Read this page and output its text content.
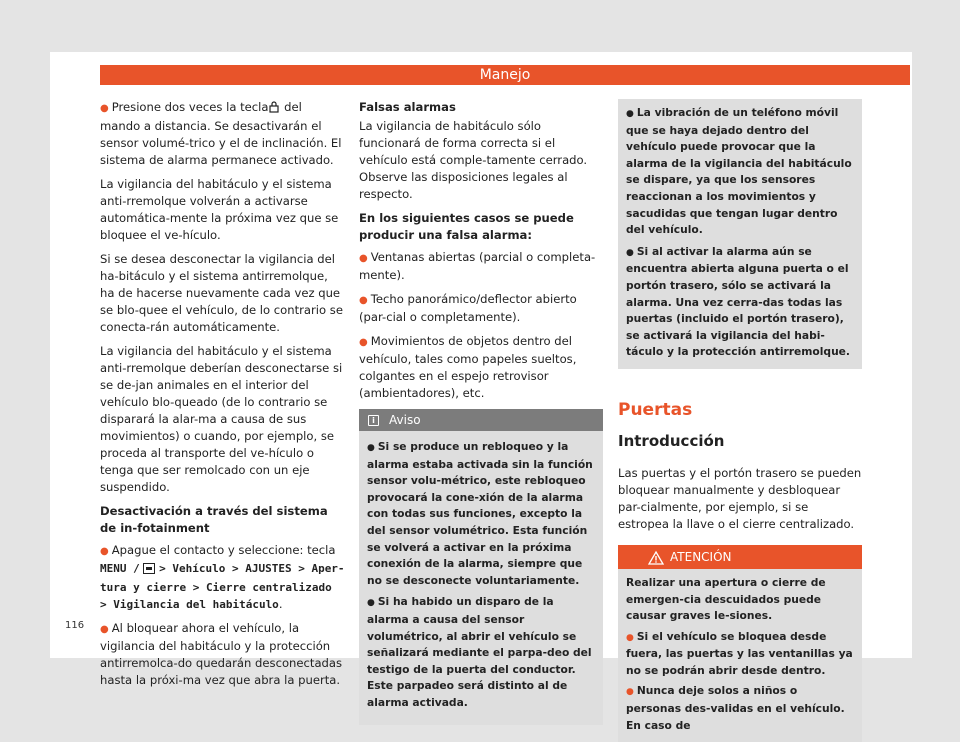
Manejo

● Presione dos veces la tecla del mando a distancia. Se desactivarán el sensor volumé-trico y el de inclinación. El sistema de alarma permanece activado.

La vigilancia del habitáculo y el sistema anti-rremolque volverán a activarse automática-mente la próxima vez que se bloquee el ve-hículo.

Si se desea desconectar la vigilancia del ha-bitáculo y el sistema antirremolque, ha de hacerse nuevamente cada vez que se blo-quee el vehículo, de lo contrario se conecta-rán automáticamente.

La vigilancia del habitáculo y el sistema anti-rremolque deberían desconectarse si se de-jan animales en el interior del vehículo blo-queado (de lo contrario se disparará la alar-ma a causa de sus movimientos) o cuando, por ejemplo, se proceda al transporte del ve-hículo o tenga que ser remolcado con un eje suspendido.

Desactivación a través del sistema de in-fotainment

● Apague el contacto y seleccione: tecla MENU / > Vehículo > AJUSTES > Aper-tura y cierre > Cierre centralizado > Vigilancia del habitáculo.

● Al bloquear ahora el vehículo, la vigilancia del habitáculo y la protección antirremolca-do quedarán desconectadas hasta la próxi-ma vez que abra la puerta.

Falsas alarmas

La vigilancia de habitáculo sólo funcionará de forma correcta si el vehículo está comple-tamente cerrado. Observe las disposiciones legales al respecto.

En los siguientes casos se puede producir una falsa alarma:

● Ventanas abiertas (parcial o completa-mente).

● Techo panorámico/deflector abierto (par-cial o completamente).

● Movimientos de objetos dentro del vehículo, tales como papeles sueltos, colgantes en el espejo retrovisor (ambientadores), etc.

i	Aviso

● Si se produce un rebloqueo y la alarma estaba activada sin la función sensor volu-métrico, este rebloqueo provocará la cone-xión de la alarma con todas sus funciones, excepto la del sensor volumétrico. Esta función se volverá a activar en la próxima conexión de la alarma, siempre que no se desconecte voluntariamente.

● Si ha habido un disparo de la alarma a causa del sensor volumétrico, al abrir el vehículo se señalizará mediante el parpa-deo del testigo de la puerta del conductor. Este parpadeo será distinto al de alarma activada.

● La vibración de un teléfono móvil que se haya dejado dentro del vehículo puede provocar que la alarma de la vigilancia del habitáculo se dispare, ya que los sensores reaccionan a los movimientos y sacudidas que tengan lugar dentro del vehículo.

● Si al activar la alarma aún se encuentra abierta alguna puerta o el portón trasero, sólo se activará la alarma. Una vez cerra-das todas las puertas (incluido el portón trasero), se activará la vigilancia del habi-táculo y la protección antirremolque.

Puertas
Introducción

Las puertas y el portón trasero se pueden bloquear manualmente y desbloquear par-cialmente, por ejemplo, si se estropea la llave o el cierre centralizado.

ATENCIÓN

Realizar una apertura o cierre de emergen-cia descuidados puede causar graves le-siones.

● Si el vehículo se bloquea desde fuera, las puertas y las ventanillas ya no se podrán abrir desde dentro.

● Nunca deje solos a niños o personas des-validas en el vehículo. En caso de

116
